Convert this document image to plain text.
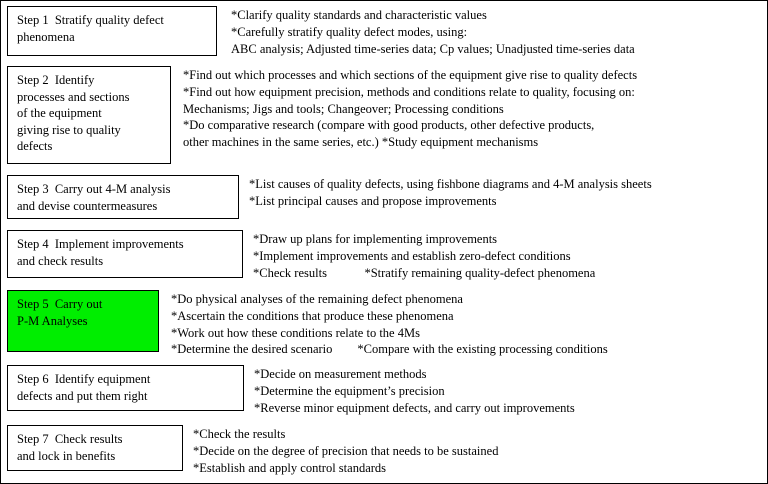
Step 1  Stratify quality defect
phenomena
*Clarify quality standards and characteristic values
*Carefully stratify quality defect modes, using:
ABC analysis; Adjusted time-series data; Cp values; Unadjusted time-series data
Step 2  Identify
processes and sections
of the equipment
giving rise to quality
defects
*Find out which processes and which sections of the equipment give rise to quality defects
*Find out how equipment precision, methods and conditions relate to quality, focusing on:
Mechanisms; Jigs and tools; Changeover; Processing conditions
*Do comparative research (compare with good products, other defective products,
other machines in the same series, etc.) *Study equipment mechanisms
Step 3  Carry out 4-M analysis
and devise countermeasures
*List causes of quality defects, using fishbone diagrams and 4-M analysis sheets
*List principal causes and propose improvements
Step 4  Implement improvements
and check results
*Draw up plans for implementing improvements
*Implement improvements and establish zero-defect conditions
*Check results            *Stratify remaining quality-defect phenomena
Step 5  Carry out
P-M Analyses
*Do physical analyses of the remaining defect phenomena
*Ascertain the conditions that produce these phenomena
*Work out how these conditions relate to the 4Ms
*Determine the desired scenario        *Compare with the existing processing conditions
Step 6  Identify equipment
defects and put them right
*Decide on measurement methods
*Determine the equipment’s precision
*Reverse minor equipment defects, and carry out improvements
Step 7  Check results
and lock in benefits
*Check the results
*Decide on the degree of precision that needs to be sustained
*Establish and apply control standards
